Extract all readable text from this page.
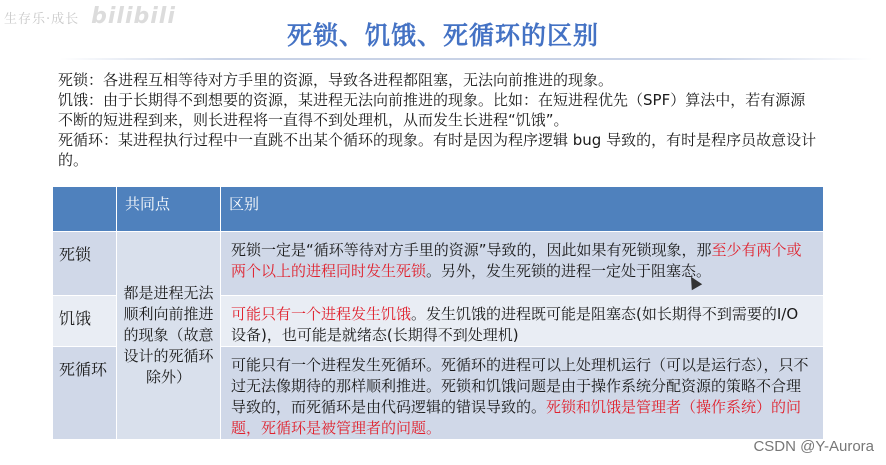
生存乐·成长 bilibili
死锁、饥饿、死循环的区别

死锁：各进程互相等待对方手里的资源，导致各进程都阻塞，无法向前推进的现象。

饥饿：由于长期得不到想要的资源，某进程无法向前推进的现象。比如：在短进程优先（SPF）算法中，若有源源不断的短进程到来，则长进程将一直得不到处理机，从而发生长进程“饥饿”。

死循环：某进程执行过程中一直跳不出某个循环的现象。有时是因为程序逻辑 bug 导致的，有时是程序员故意设计的。

	共同点	区别
死锁	都是进程无法顺利向前推进的现象（故意设计的死循环除外）	死锁一定是“循环等待对方手里的资源”导致的，因此如果有死锁现象，那至少有两个或两个以上的进程同时发生死锁。另外，发生死锁的进程一定处于阻塞态。
饥饿		可能只有一个进程发生饥饿。发生饥饿的进程既可能是阻塞态(如长期得不到需要的I/O设备)，也可能是就绪态(长期得不到处理机)
死循环		可能只有一个进程发生死循环。死循环的进程可以上处理机运行（可以是运行态），只不过无法像期待的那样顺利推进。死锁和饥饿问题是由于操作系统分配资源的策略不合理导致的，而死循环是由代码逻辑的错误导致的。死锁和饥饿是管理者（操作系统）的问题，死循环是被管理者的问题。
CSDN @Y-Aurora
